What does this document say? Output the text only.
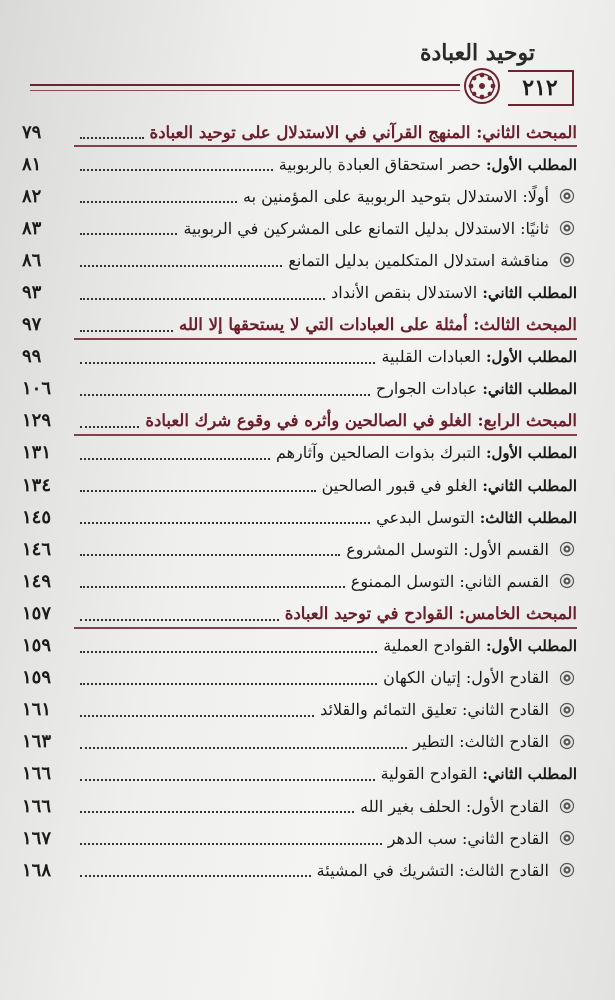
توحيد العبادة
٢١٢
المبحث الثاني: المنهج القرآني في الاستدلال على توحيد العبادة
٧٩
المطلب الأول: حصر استحقاق العبادة بالربوبية
٨١
أولًا: الاستدلال بتوحيد الربوبية على المؤمنين به
٨٢
ثانيًا: الاستدلال بدليل التمانع على المشركين في الربوبية
٨٣
مناقشة استدلال المتكلمين بدليل التمانع
٨٦
المطلب الثاني: الاستدلال بنقص الأنداد
٩٣
المبحث الثالث: أمثلة على العبادات التي لا يستحقها إلا الله
٩٧
المطلب الأول: العبادات القلبية
٩٩
المطلب الثاني: عبادات الجوارح
١٠٦
المبحث الرابع: الغلو في الصالحين وأثره في وقوع شرك العبادة
١٢٩
المطلب الأول: التبرك بذوات الصالحين وآثارهم
١٣١
المطلب الثاني: الغلو في قبور الصالحين
١٣٤
المطلب الثالث: التوسل البدعي
١٤٥
القسم الأول: التوسل المشروع
١٤٦
القسم الثاني: التوسل الممنوع
١٤٩
المبحث الخامس: القوادح في توحيد العبادة
١٥٧
المطلب الأول: القوادح العملية
١٥٩
القادح الأول: إتيان الكهان
١٥٩
القادح الثاني: تعليق التمائم والقلائد
١٦١
القادح الثالث: التطير
١٦٣
المطلب الثاني: القوادح القولية
١٦٦
القادح الأول: الحلف بغير الله
١٦٦
القادح الثاني: سب الدهر
١٦٧
القادح الثالث: التشريك في المشيئة
١٦٨
